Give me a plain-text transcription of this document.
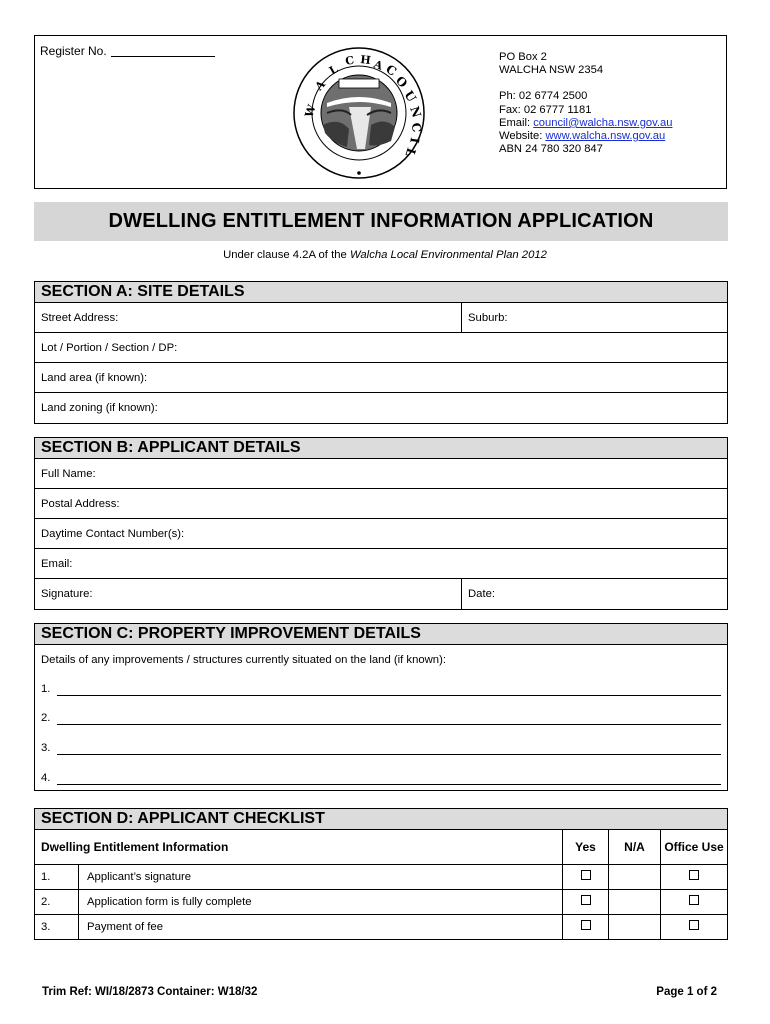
Register No.
W
A
L
C H A
C
O
U
N
C
I
L
PO Box 2
WALCHA NSW 2354
Ph: 02 6774 2500
Fax: 02 6777 1181
Email: council@walcha.nsw.gov.au
Website: www.walcha.nsw.gov.au
ABN 24 780 320 847
DWELLING ENTITLEMENT INFORMATION APPLICATION
Under clause 4.2A of the Walcha Local Environmental Plan 2012
SECTION A: SITE DETAILS
Street Address:	Suburb:
Lot / Portion / Section / DP:
Land area (if known):
Land zoning (if known):
SECTION B: APPLICANT DETAILS
Full Name:
Postal Address:
Daytime Contact Number(s):
Email:
Signature:	Date:
SECTION C: PROPERTY IMPROVEMENT DETAILS
Details of any improvements / structures currently situated on the land (if known):
1.
2.
3.
4.
SECTION D: APPLICANT CHECKLIST
Dwelling Entitlement Information		Yes	N/A	Office Use
1.	Applicant’s signature			
2.	Application form is fully complete			
3.	Payment of fee			
Trim Ref: WI/18/2873 Container: W18/32	Page 1 of 2
